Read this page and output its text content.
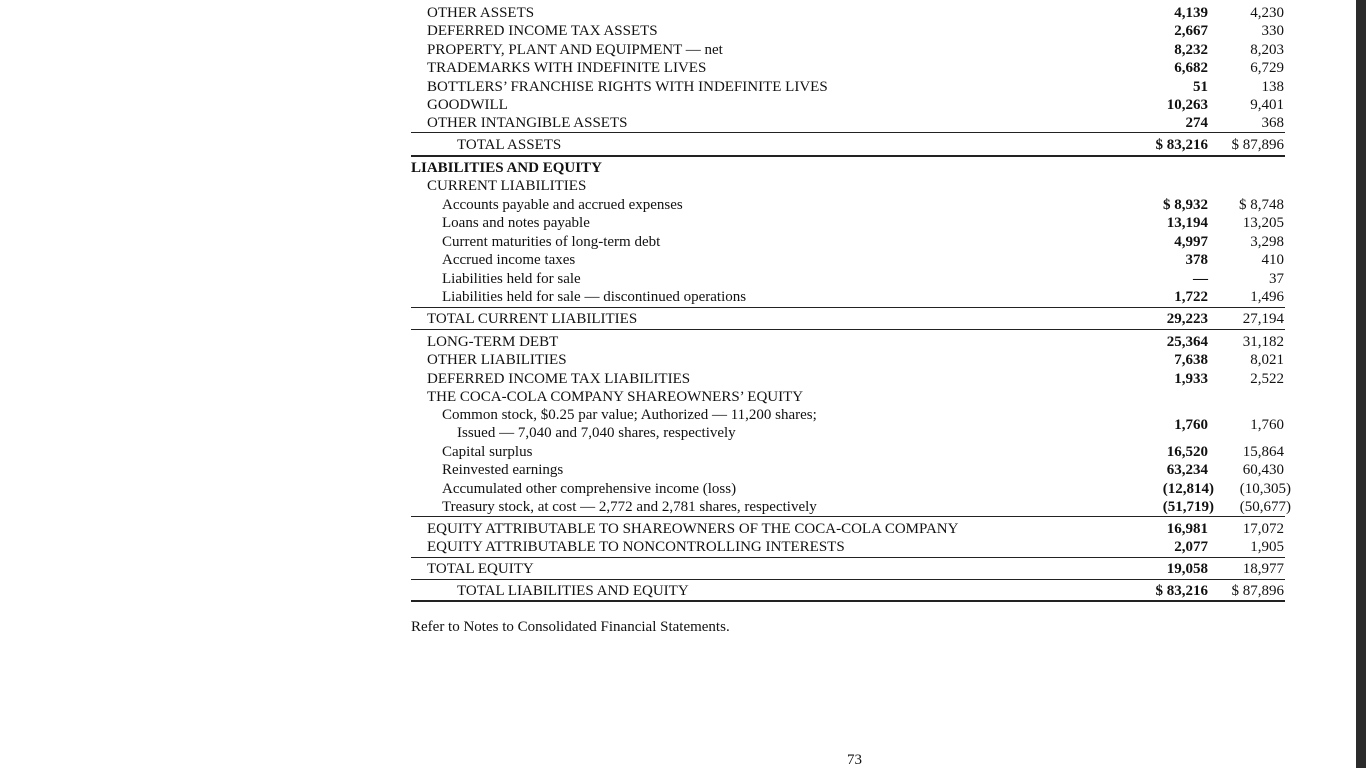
OTHER ASSETS	4,139	4,230
DEFERRED INCOME TAX ASSETS	2,667	330
PROPERTY, PLANT AND EQUIPMENT — net	8,232	8,203
TRADEMARKS WITH INDEFINITE LIVES	6,682	6,729
BOTTLERS’ FRANCHISE RIGHTS WITH INDEFINITE LIVES	51	138
GOODWILL	10,263	9,401
OTHER INTANGIBLE ASSETS	274	368
TOTAL ASSETS	$ 83,216 $ 87,896
LIABILITIES AND EQUITY
CURRENT LIABILITIES
Accounts payable and accrued expenses	$ 8,932 $ 8,748
Loans and notes payable	13,194 13,205
Current maturities of long-term debt	4,997	3,298
Accrued income taxes	378	410
Liabilities held for sale	—	37
Liabilities held for sale — discontinued operations	1,722	1,496
TOTAL CURRENT LIABILITIES	29,223 27,194
LONG-TERM DEBT	25,364 31,182
OTHER LIABILITIES	7,638	8,021
DEFERRED INCOME TAX LIABILITIES	1,933	2,522
THE COCA-COLA COMPANY SHAREOWNERS’ EQUITY
Common stock, $0.25 par value; Authorized — 11,200 shares;
Issued — 7,040 and 7,040 shares, respectively	1,760	1,760
Capital surplus	16,520 15,864
Reinvested earnings	63,234 60,430
Accumulated other comprehensive income (loss)	(12,814) (10,305)
Treasury stock, at cost — 2,772 and 2,781 shares, respectively	(51,719) (50,677)
EQUITY ATTRIBUTABLE TO SHAREOWNERS OF THE COCA-COLA COMPANY	16,981 17,072
EQUITY ATTRIBUTABLE TO NONCONTROLLING INTERESTS	2,077	1,905
TOTAL EQUITY	19,058 18,977
TOTAL LIABILITIES AND EQUITY	$ 83,216 $ 87,896
Refer to Notes to Consolidated Financial Statements.
73
